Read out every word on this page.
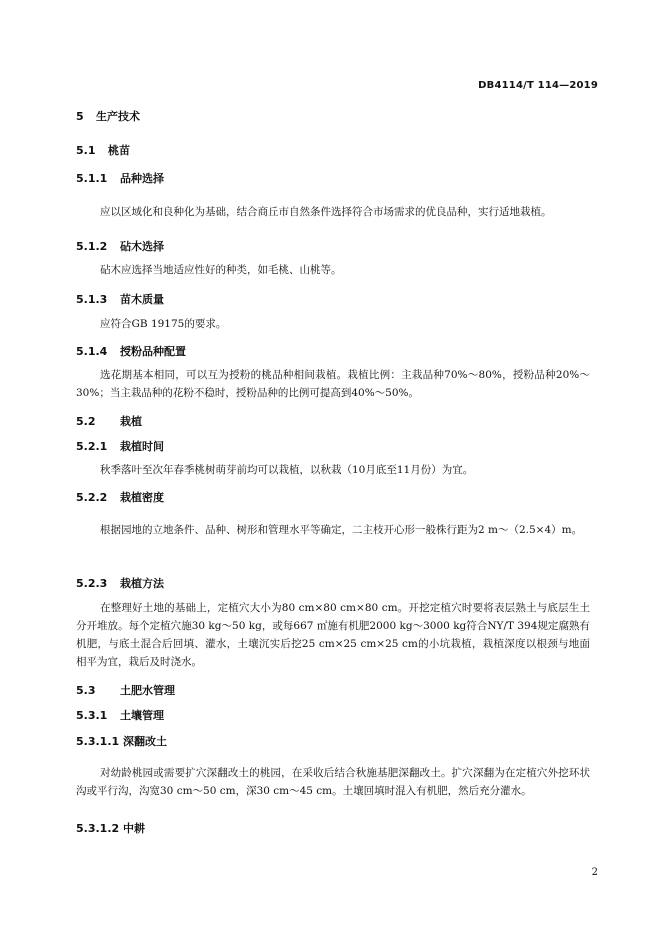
DB4114/T 114—2019
5 生产技术
5.1 桃苗
5.1.1 品种选择
应以区域化和良种化为基础，结合商丘市自然条件选择符合市场需求的优良品种，实行适地栽植。
5.1.2 砧木选择
砧木应选择当地适应性好的种类，如毛桃、山桃等。
5.1.3 苗木质量
应符合GB 19175的要求。
5.1.4 授粉品种配置
选花期基本相同，可以互为授粉的桃品种相间栽植。栽植比例：主栽品种70%～80%，授粉品种20%～30%；当主栽品种的花粉不稳时，授粉品种的比例可提高到40%～50%。
5.2 栽植
5.2.1 栽植时间
秋季落叶至次年春季桃树萌芽前均可以栽植，以秋栽（10月底至11月份）为宜。
5.2.2 栽植密度
根据园地的立地条件、品种、树形和管理水平等确定，二主枝开心形一般株行距为2 m～（2.5×4）m。
5.2.3 栽植方法
在整理好土地的基础上，定植穴大小为80 cm×80 cm×80 cm。开挖定植穴时要将表层熟土与底层生土分开堆放。每个定植穴施30 kg～50 kg，或每667 ㎡施有机肥2000 kg～3000 kg符合NY/T 394规定腐熟有机肥，与底土混合后回填、灌水，土壤沉实后挖25 cm×25 cm×25 cm的小坑栽植，栽植深度以根颈与地面相平为宜，栽后及时浇水。
5.3 土肥水管理
5.3.1 土壤管理
5.3.1.1 深翻改土
对幼龄桃园或需要扩穴深翻改土的桃园，在采收后结合秋施基肥深翻改土。扩穴深翻为在定植穴外挖环状沟或平行沟，沟宽30 cm～50 cm，深30 cm～45 cm。土壤回填时混入有机肥，然后充分灌水。
5.3.1.2 中耕
2
